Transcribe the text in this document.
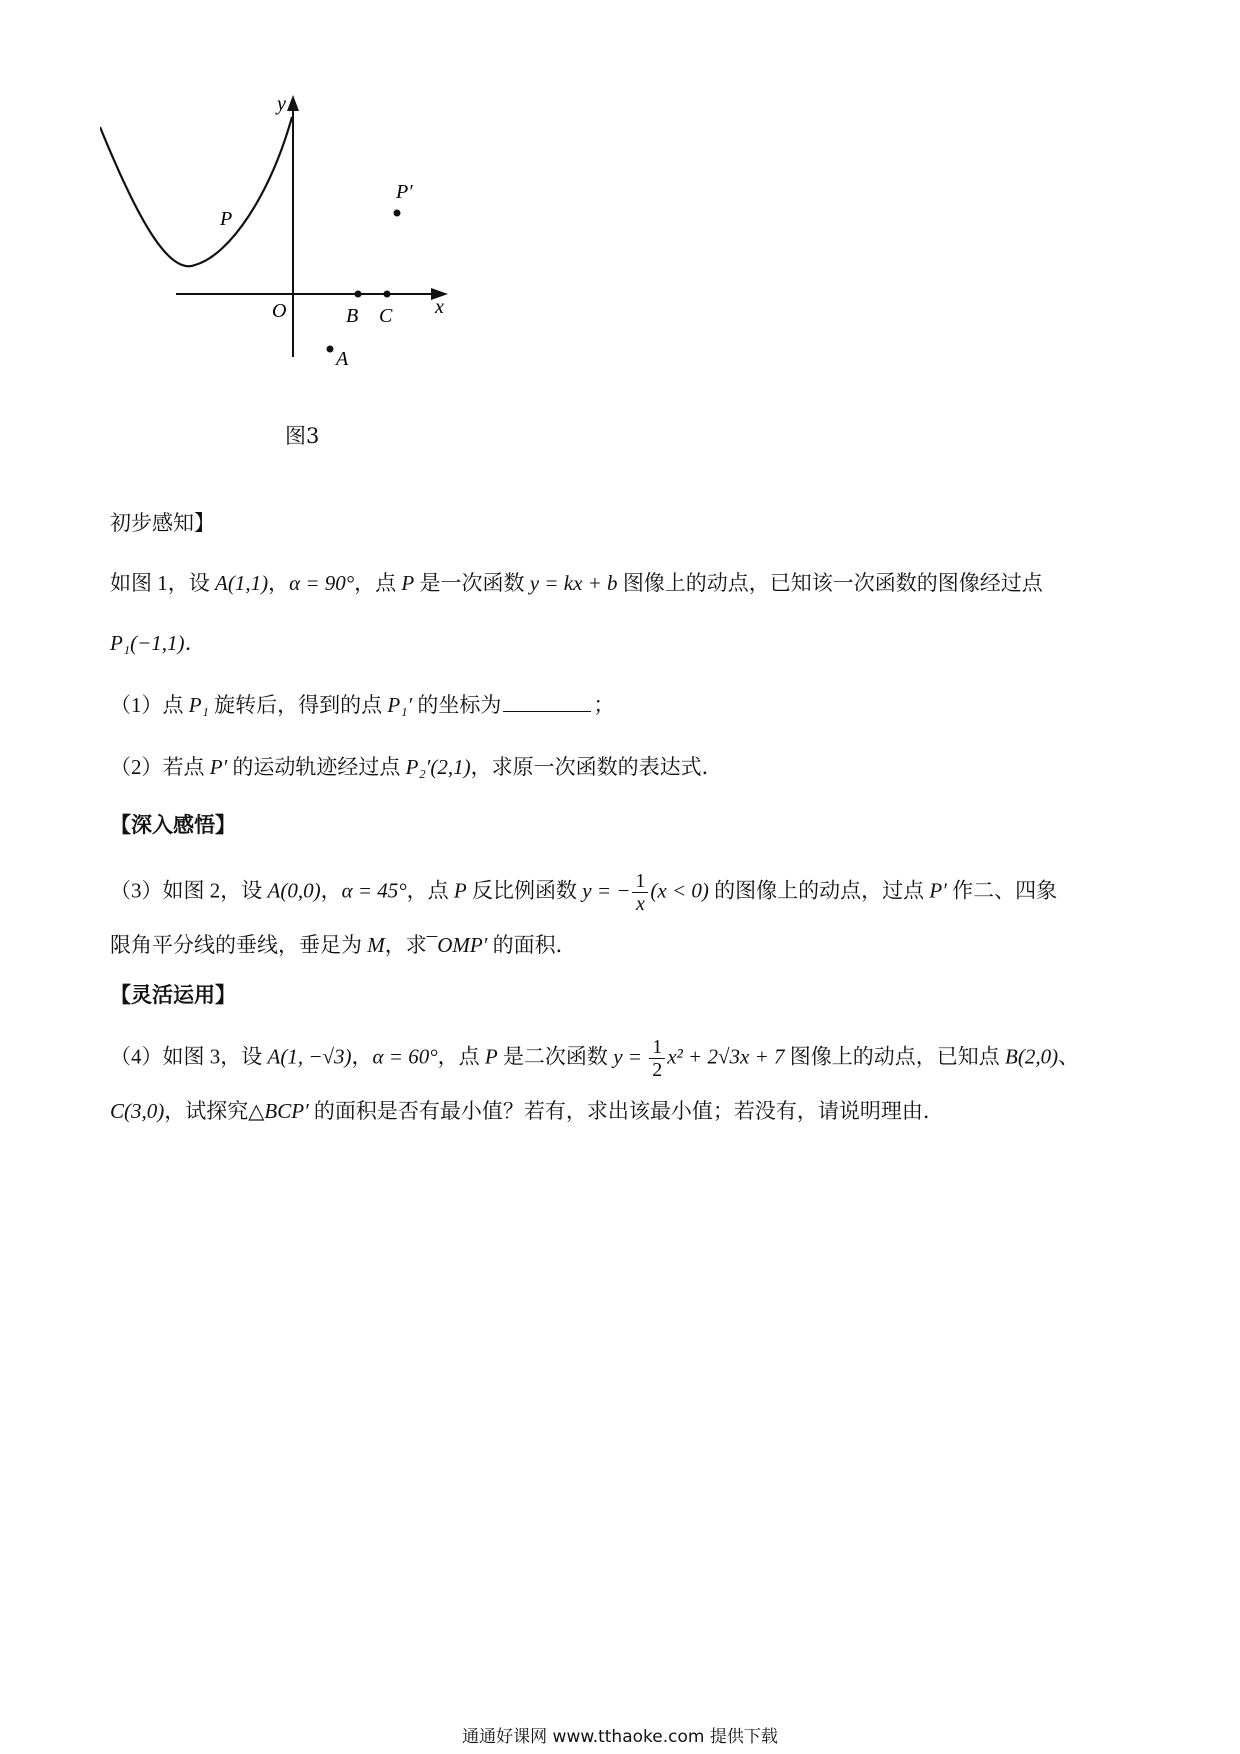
y
x
O
P
P′
B C
A
图3
初步感知】
如图 1，设 A(1,1)，α = 90°，点 P 是一次函数 y = kx + b 图像上的动点，已知该一次函数的图像经过点
P₁(−1,1)．
（1）点 P₁ 旋转后，得到的点 P₁′ 的坐标为	；
（2）若点 P′ 的运动轨迹经过点 P₂′(2,1)，求原一次函数的表达式．
【深入感悟】
（3）如图 2，设 A(0,0)，α = 45°，点 P 反比例函数 y = − $\frac{1}{x} (x < 0)$ 的图像上的动点，过点 P′ 作二、四象
限角平分线的垂线，垂足为 M，求¯OMP′ 的面积．
【灵活运用】
（4）如图 3，设 A(1, −√3)，α = 60°，点 P 是二次函数 $y = \frac{1}{2} x^2 + 2√3x + 7$ 图像上的动点，已知点 B(2,0)、
C(3,0)，试探究△BCP′ 的面积是否有最小值？若有，求出该最小值；若没有，请说明理由．
通通好课网 www.tthaoke.com 提供下载
